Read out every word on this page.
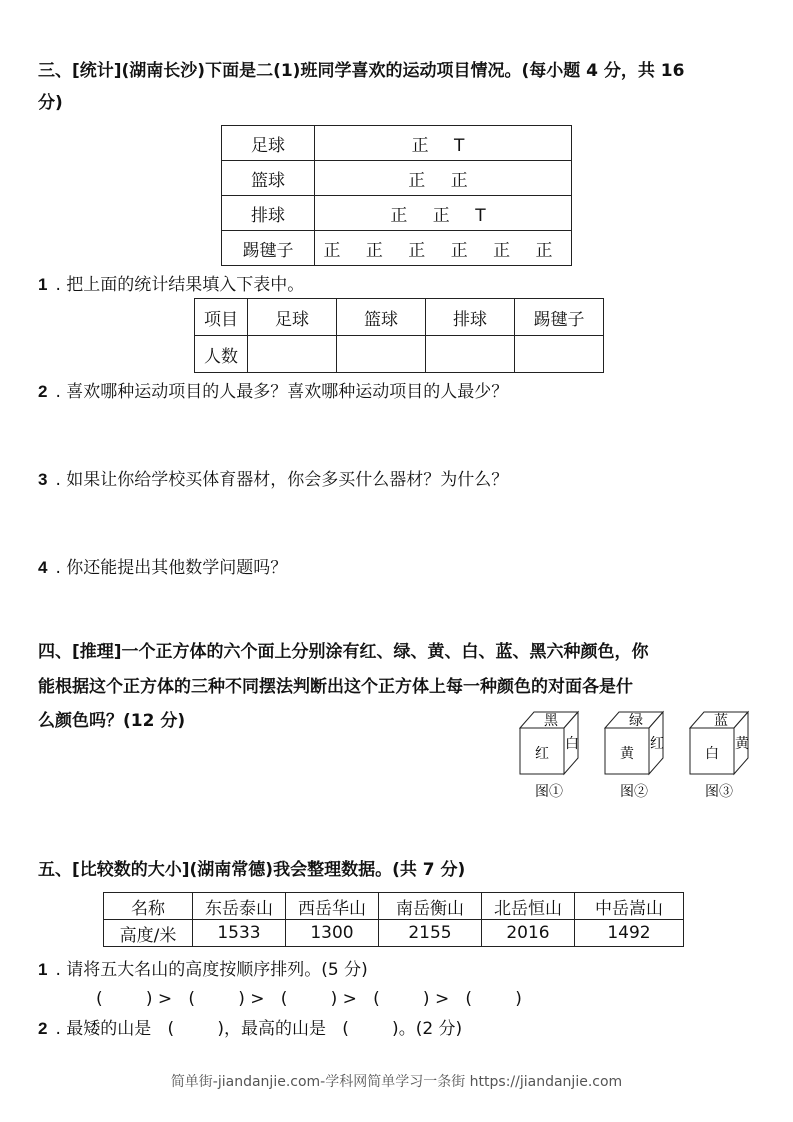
三、[统计](湖南长沙)下面是二(1)班同学喜欢的运动项目情况。(每小题 4 分，共 16
分)
足球	正 T
篮球	正 正
排球	正 正 T
踢毽子	正 正 正 正 正 正
1 . 把上面的统计结果填入下表中。
项目	足球	篮球	排球	踢毽子
人数				
2 . 喜欢哪种运动项目的人最多？喜欢哪种运动项目的人最少？
3 . 如果让你给学校买体育器材，你会多买什么器材？为什么？
4 . 你还能提出其他数学问题吗？
四、[推理]一个正方体的六个面上分别涂有红、绿、黄、白、蓝、黑六种颜色，你
能根据这个正方体的三种不同摆法判断出这个正方体上每一种颜色的对面各是什
么颜色吗？(12 分)	黑
红
白
绿
黄
红
蓝
白
黄
图①	图②	图③
五、[比较数的大小](湖南常德)我会整理数据。(共 7 分)
名称	东岳泰山	西岳华山	南岳衡山	北岳恒山	中岳嵩山
高度/米	1533	1300	2155	2016	1492
1 . 请将五大名山的高度按顺序排列。(5 分)
(        ) >   (        ) >   (        ) >   (        ) >   (        )
2 . 最矮的山是   (        )，最高的山是   (        )。(2 分)
简单街-jiandanjie.com-学科网简单学习一条街 https://jiandanjie.com
